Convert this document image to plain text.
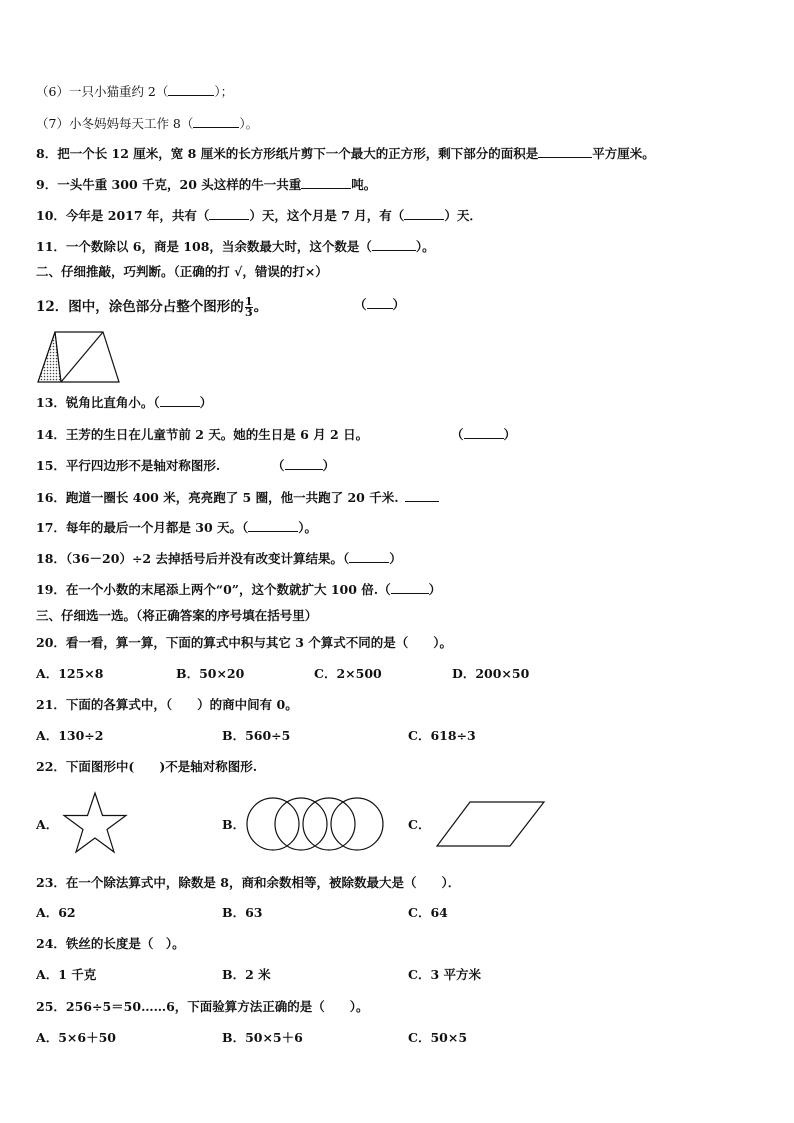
（6）一只小猫重约 2（	）；
（7）小冬妈妈每天工作 8（	）。
8．把一个长 12 厘米，宽 8 厘米的长方形纸片剪下一个最大的正方形，剩下部分的面积是	平方厘米。
9．一头牛重 300 千克，20 头这样的牛一共重	吨。
10．今年是 2017 年，共有（	）天，这个月是 7 月，有（	）天．
11．一个数除以 6，商是 108，当余数最大时，这个数是（	）。
二、仔细推敲，巧判断。（正确的打 √，错误的打×）
12．图中，涂色部分占整个图形的 $\frac{1}{3}$ 。	（ ）
13．锐角比直角小。（	）
14．王芳的生日在儿童节前 2 天。她的生日是 6 月 2 日。	（	）
15．平行四边形不是轴对称图形.	（	）
16．跑道一圈长 400 米，亮亮跑了 5 圈，他一共跑了 20 千米.
17．每年的最后一个月都是 30 天。（	）。
18．（36－20）÷2 去掉括号后并没有改变计算结果。（	）
19．在一个小数的末尾添上两个“0”，这个数就扩大 100 倍.（	）
三、仔细选一选。（将正确答案的序号填在括号里）
20．看一看，算一算，下面的算式中积与其它 3 个算式不同的是（　　）。
A．125×8	B．50×20	C．2×500	D．200×50
21．下面的各算式中，（　　）的商中间有 0。
A．130÷2	B．560÷5	C．618÷3
22．下面图形中(　　)不是轴对称图形.
A．	B．	C．
23．在一个除法算式中，除数是 8，商和余数相等，被除数最大是（　　）．
A．62	B．63	C．64
24．铁丝的长度是（　）。
A．1 千克	B．2 米	C．3 平方米
25．256÷5＝50……6，下面验算方法正确的是（　　）。
A．5×6＋50	B．50×5＋6	C．50×5
